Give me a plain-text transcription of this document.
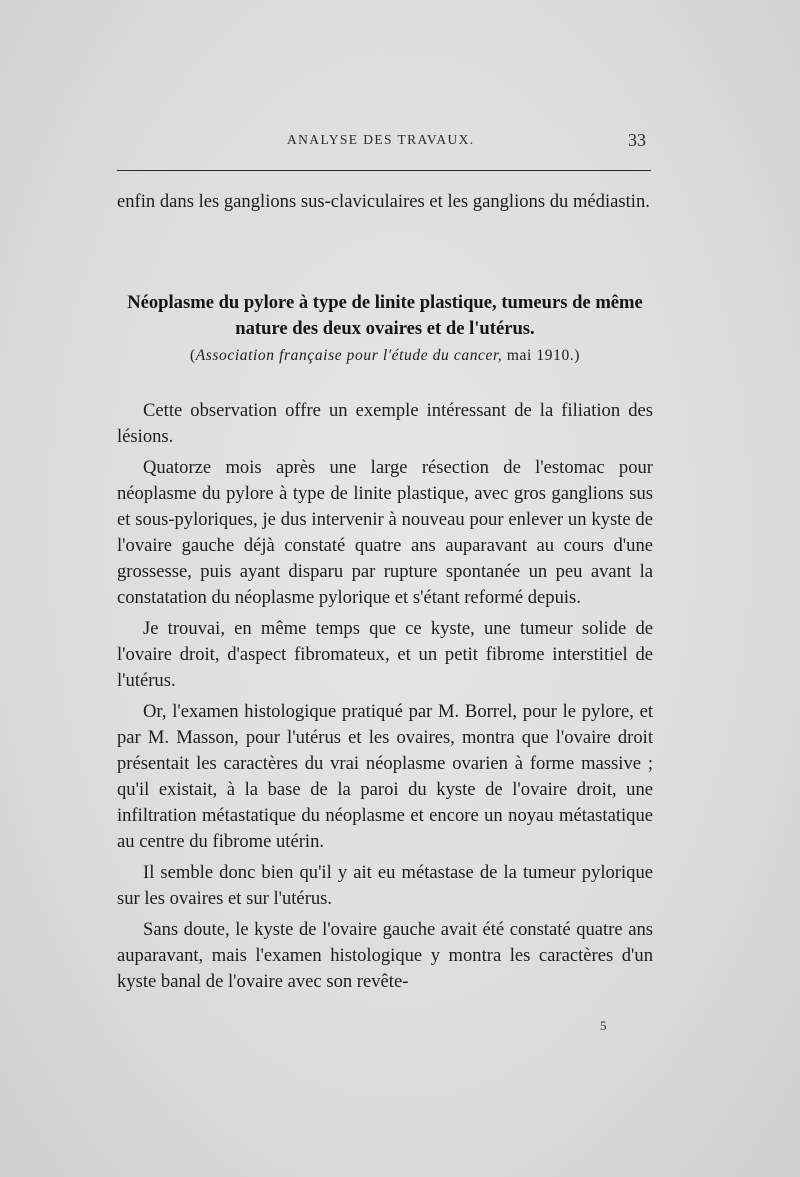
ANALYSE DES TRAVAUX.	33

enfin dans les ganglions sus-claviculaires et les ganglions du médiastin.

Néoplasme du pylore à type de linite plastique, tumeurs de même nature des deux ovaires et de l'utérus.

(Association française pour l'étude du cancer, mai 1910.)

Cette observation offre un exemple intéressant de la filiation des lésions.

Quatorze mois après une large résection de l'estomac pour néoplasme du pylore à type de linite plastique, avec gros ganglions sus et sous-pyloriques, je dus intervenir à nouveau pour enlever un kyste de l'ovaire gauche déjà constaté quatre ans auparavant au cours d'une grossesse, puis ayant disparu par rupture spontanée un peu avant la constatation du néoplasme pylorique et s'étant reformé depuis.

Je trouvai, en même temps que ce kyste, une tumeur solide de l'ovaire droit, d'aspect fibromateux, et un petit fibrome interstitiel de l'utérus.

Or, l'examen histologique pratiqué par M. Borrel, pour le pylore, et par M. Masson, pour l'utérus et les ovaires, montra que l'ovaire droit présentait les caractères du vrai néoplasme ovarien à forme massive ; qu'il existait, à la base de la paroi du kyste de l'ovaire droit, une infiltration métastatique du néoplasme et encore un noyau métastatique au centre du fibrome utérin.

Il semble donc bien qu'il y ait eu métastase de la tumeur pylorique sur les ovaires et sur l'utérus.

Sans doute, le kyste de l'ovaire gauche avait été constaté quatre ans auparavant, mais l'examen histologique y montra les caractères d'un kyste banal de l'ovaire avec son revête-

5
